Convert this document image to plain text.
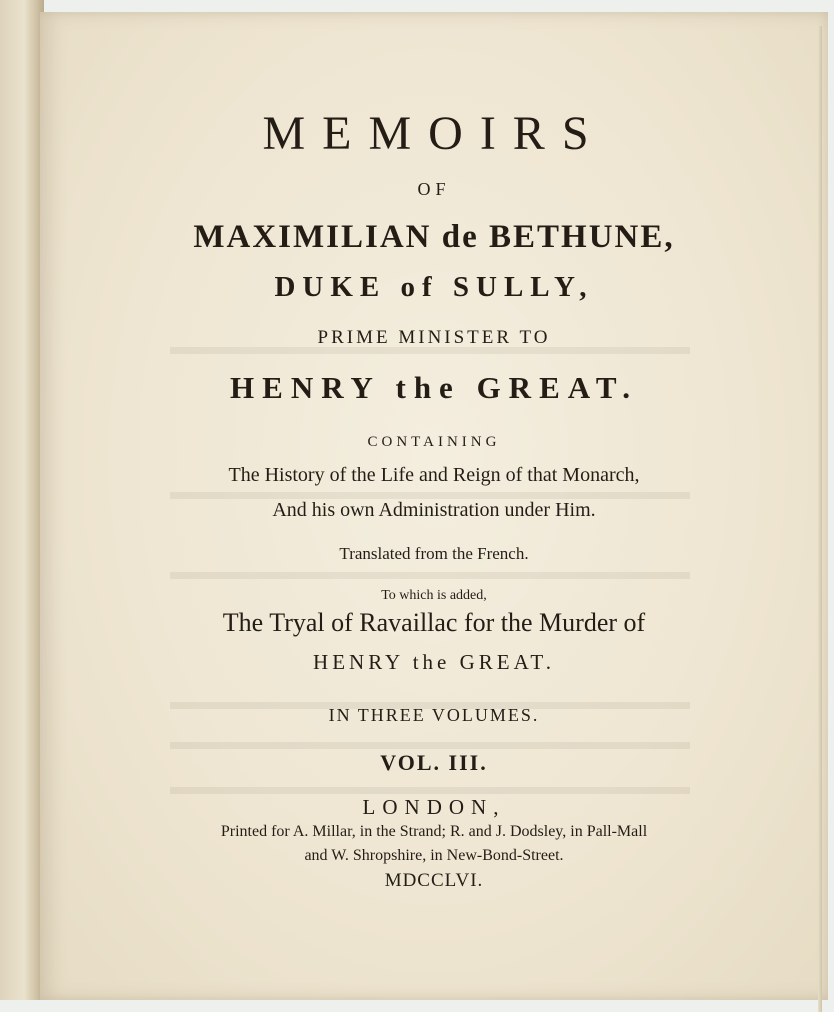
MEMOIRS
OF
MAXIMILIAN de BETHUNE,
DUKE of SULLY,
PRIME MINISTER TO
HENRY the GREAT.
CONTAINING
The History of the Life and Reign of that Monarch,
And his own Administration under Him.
Translated from the French.
To which is added,
The Tryal of Ravaillac for the Murder of
HENRY the GREAT.
IN THREE VOLUMES.
VOL. III.
LONDON,
Printed for A. Millar, in the Strand; R. and J. Dodsley, in Pall-Mall
and W. Shropshire, in New-Bond-Street.
MDCCLVI.
